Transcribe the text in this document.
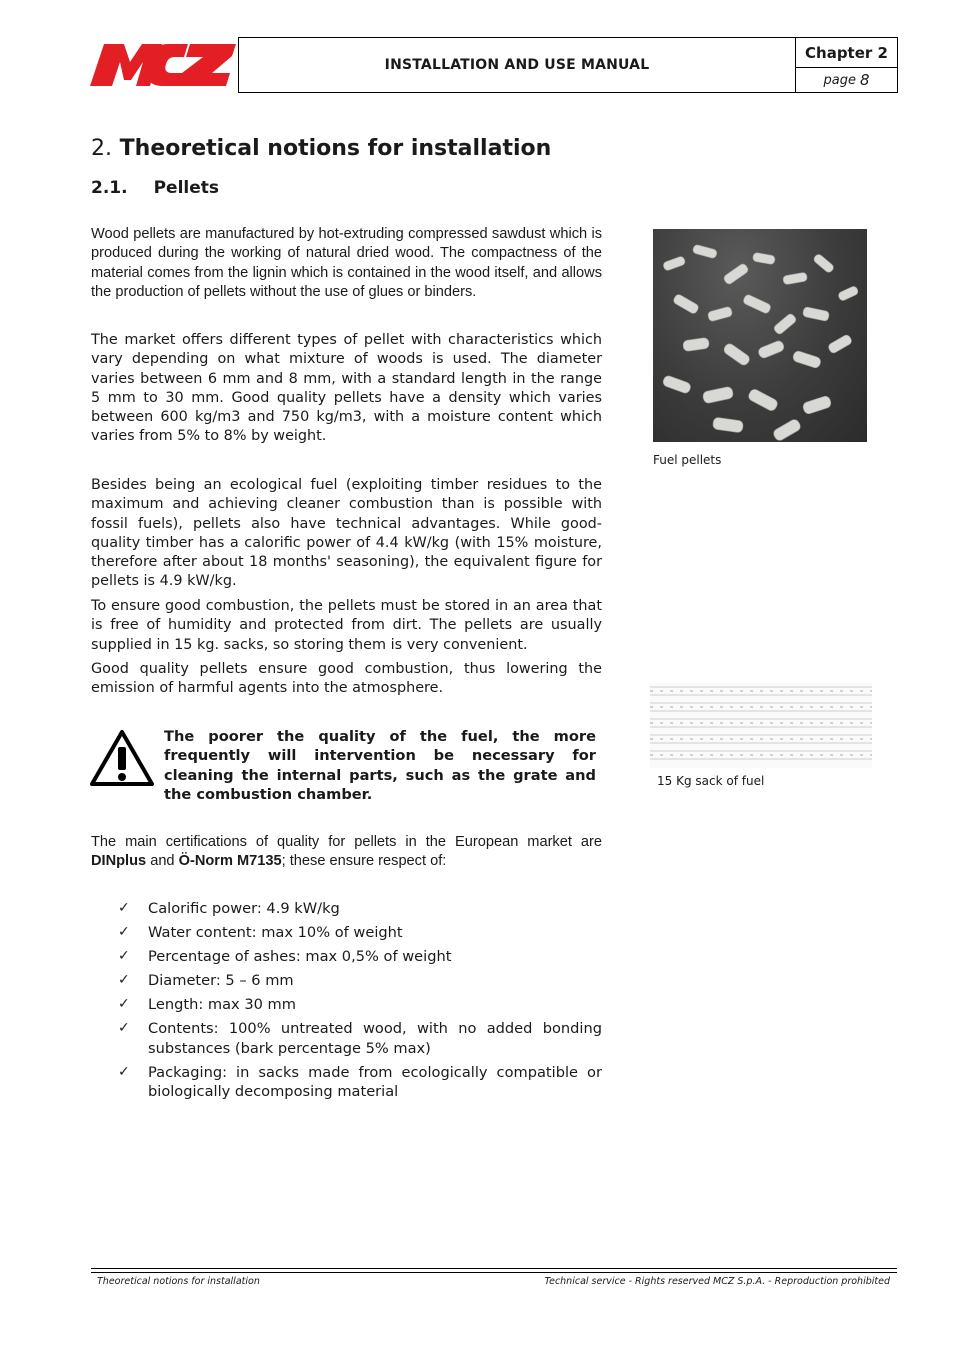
INSTALLATION AND USE MANUAL
Chapter 2
page 8
2. Theoretical notions for installation
2.1. Pellets

Wood pellets are manufactured by hot-extruding compressed sawdust which is produced during the working of natural dried wood. The compactness of the material comes from the lignin which is contained in the wood itself, and allows the production of pellets without the use of glues or binders.

The market offers different types of pellet with characteristics which vary depending on what mixture of woods is used. The diameter varies between 6 mm and 8 mm, with a standard length in the range 5 mm to 30 mm. Good quality pellets have a density which varies between 600 kg/m3 and 750 kg/m3, with a moisture content which varies from 5% to 8% by weight.

Besides being an ecological fuel (exploiting timber residues to the maximum and achieving cleaner combustion than is possible with fossil fuels), pellets also have technical advantages. While good-quality timber has a calorific power of 4.4 kW/kg (with 15% moisture, therefore after about 18 months' seasoning), the equivalent figure for pellets is 4.9 kW/kg.

To ensure good combustion, the pellets must be stored in an area that is free of humidity and protected from dirt. The pellets are usually supplied in 15 kg. sacks, so storing them is very convenient.

Good quality pellets ensure good combustion, thus lowering the emission of harmful agents into the atmosphere.

The poorer the quality of the fuel, the more frequently will intervention be necessary for cleaning the internal parts, such as the grate and the combustion chamber.

The main certifications of quality for pellets in the European market are DINplus and Ö-Norm M7135; these ensure respect of:

✓ Calorific power: 4.9 kW/kg
✓ Water content: max 10% of weight
✓ Percentage of ashes: max 0,5% of weight
✓ Diameter: 5 – 6 mm
✓ Length: max 30 mm
✓ Contents: 100% untreated wood, with no added bonding substances (bark percentage 5% max)
✓ Packaging: in sacks made from ecologically compatible or biologically decomposing material
Fuel pellets
15 Kg sack of fuel
Theoretical notions for installation	Technical service - Rights reserved MCZ S.p.A. - Reproduction prohibited
